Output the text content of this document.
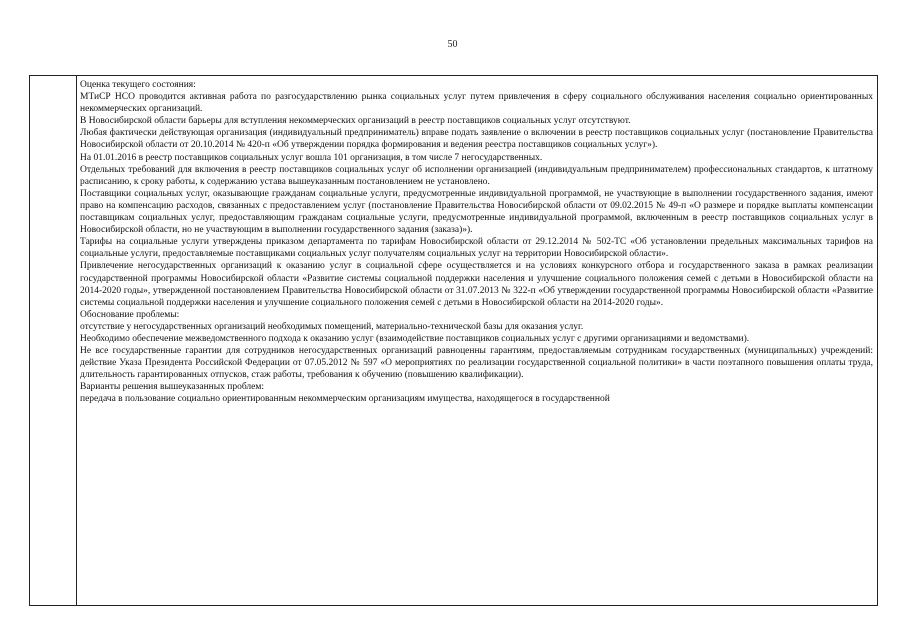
50

Оценка текущего состояния:

МТиСР НСО проводится активная работа по разгосударствлению рынка социальных услуг путем привлечения в сферу социального обслуживания населения социально ориентированных некоммерческих организаций.

В Новосибирской области барьеры для вступления некоммерческих организаций в реестр поставщиков социальных услуг отсутствуют.

Любая фактически действующая организация (индивидуальный предприниматель) вправе подать заявление о включении в реестр поставщиков социальных услуг (постановление Правительства Новосибирской области от 20.10.2014 № 420-п «Об утверждении порядка формирования и ведения реестра поставщиков социальных услуг»).

На 01.01.2016 в реестр поставщиков социальных услуг вошла 101 организация, в том числе 7 негосударственных.

Отдельных требований для включения в реестр поставщиков социальных услуг об исполнении организацией (индивидуальным предпринимателем) профессиональных стандартов, к штатному расписанию, к сроку работы, к содержанию устава вышеуказанным постановлением не установлено.

Поставщики социальных услуг, оказывающие гражданам социальные услуги, предусмотренные индивидуальной программой, не участвующие в выполнении государственного задания, имеют право на компенсацию расходов, связанных с предоставлением услуг (постановление Правительства Новосибирской области от 09.02.2015 № 49-п «О размере и порядке выплаты компенсации поставщикам социальных услуг, предоставляющим гражданам социальные услуги, предусмотренные индивидуальной программой, включенным в реестр поставщиков социальных услуг в Новосибирской области, но не участвующим в выполнении государственного задания (заказа)»).

Тарифы на социальные услуги утверждены приказом департамента по тарифам Новосибирской области от 29.12.2014 № 502-ТС «Об установлении предельных максимальных тарифов на социальные услуги, предоставляемые поставщиками социальных услуг получателям социальных услуг на территории Новосибирской области».

Привлечение негосударственных организаций к оказанию услуг в социальной сфере осуществляется и на условиях конкурсного отбора и государственного заказа в рамках реализации государственной программы Новосибирской области «Развитие системы социальной поддержки населения и улучшение социального положения семей с детьми в Новосибирской области на 2014-2020 годы», утвержденной постановлением Правительства Новосибирской области от 31.07.2013 № 322-п «Об утверждении государственной программы Новосибирской области «Развитие системы социальной поддержки населения и улучшение социального положения семей с детьми в Новосибирской области на 2014-2020 годы».

Обоснование проблемы:

отсутствие у негосударственных организаций необходимых помещений, материально-технической базы для оказания услуг.

Необходимо обеспечение межведомственного подхода к оказанию услуг (взаимодействие поставщиков социальных услуг с другими организациями и ведомствами).

Не все государственные гарантии для сотрудников негосударственных организаций равноценны гарантиям, предоставляемым сотрудникам государственных (муниципальных) учреждений: действие Указа Президента Российской Федерации от 07.05.2012 № 597 «О мероприятиях по реализации государственной социальной политики» в части поэтапного повышения оплаты труда, длительность гарантированных отпусков, стаж работы, требования к обучению (повышению квалификации).

Варианты решения вышеуказанных проблем:

передача в пользование социально ориентированным некоммерческим организациям имущества, находящегося в государственной
